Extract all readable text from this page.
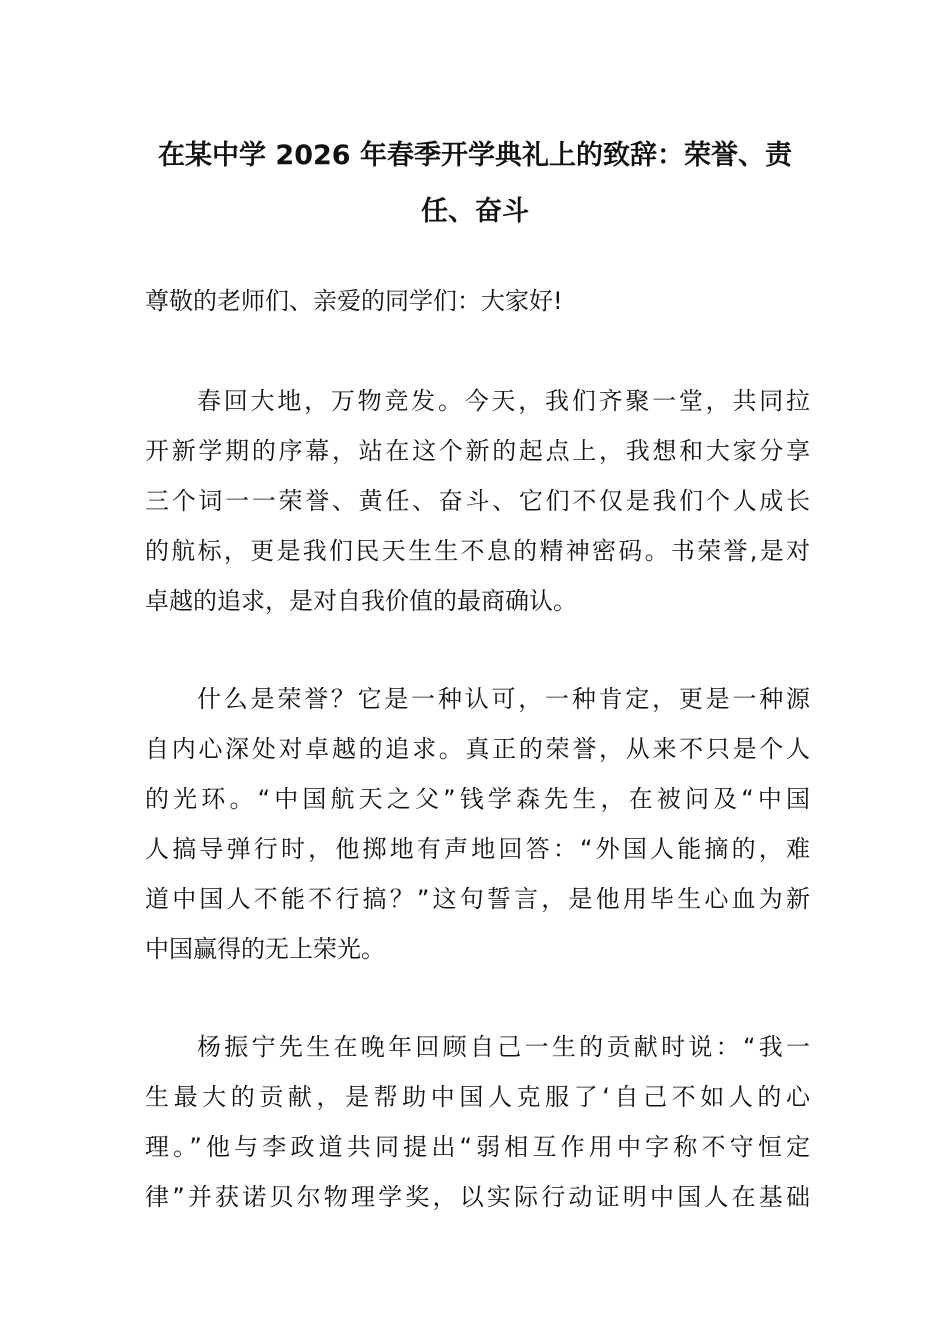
在某中学 2026 年春季开学典礼上的致辞：荣誉、责
任、奋斗

尊敬的老师们、亲爱的同学们：大家好!

春回大地，万物竞发。今天，我们齐聚一堂，共同拉
开新学期的序幕，站在这个新的起点上，我想和大家分享
三个词一一荣誉、黄任、奋斗、它们不仅是我们个人成长
的航标，更是我们民天生生不息的精神密码。书荣誉,是对
卓越的追求，是对自我价值的最商确认。
什么是荣誉？它是一种认可，一种肯定，更是一种源
自内心深处对卓越的追求。真正的荣誉，从来不只是个人
的光环。“中国航天之父”钱学森先生，在被问及“中国
人搞导弹行时，他掷地有声地回答：“外国人能摘的，难
道中国人不能不行搞？”这句誓言，是他用毕生心血为新
中国赢得的无上荣光。
杨振宁先生在晚年回顾自己一生的贡献时说：“我一
生最大的贡献，是帮助中国人克服了‘自己不如人的心
理。”他与李政道共同提出“弱相互作用中字称不守恒定
律”并获诺贝尔物理学奖，以实际行动证明中国人在基础
